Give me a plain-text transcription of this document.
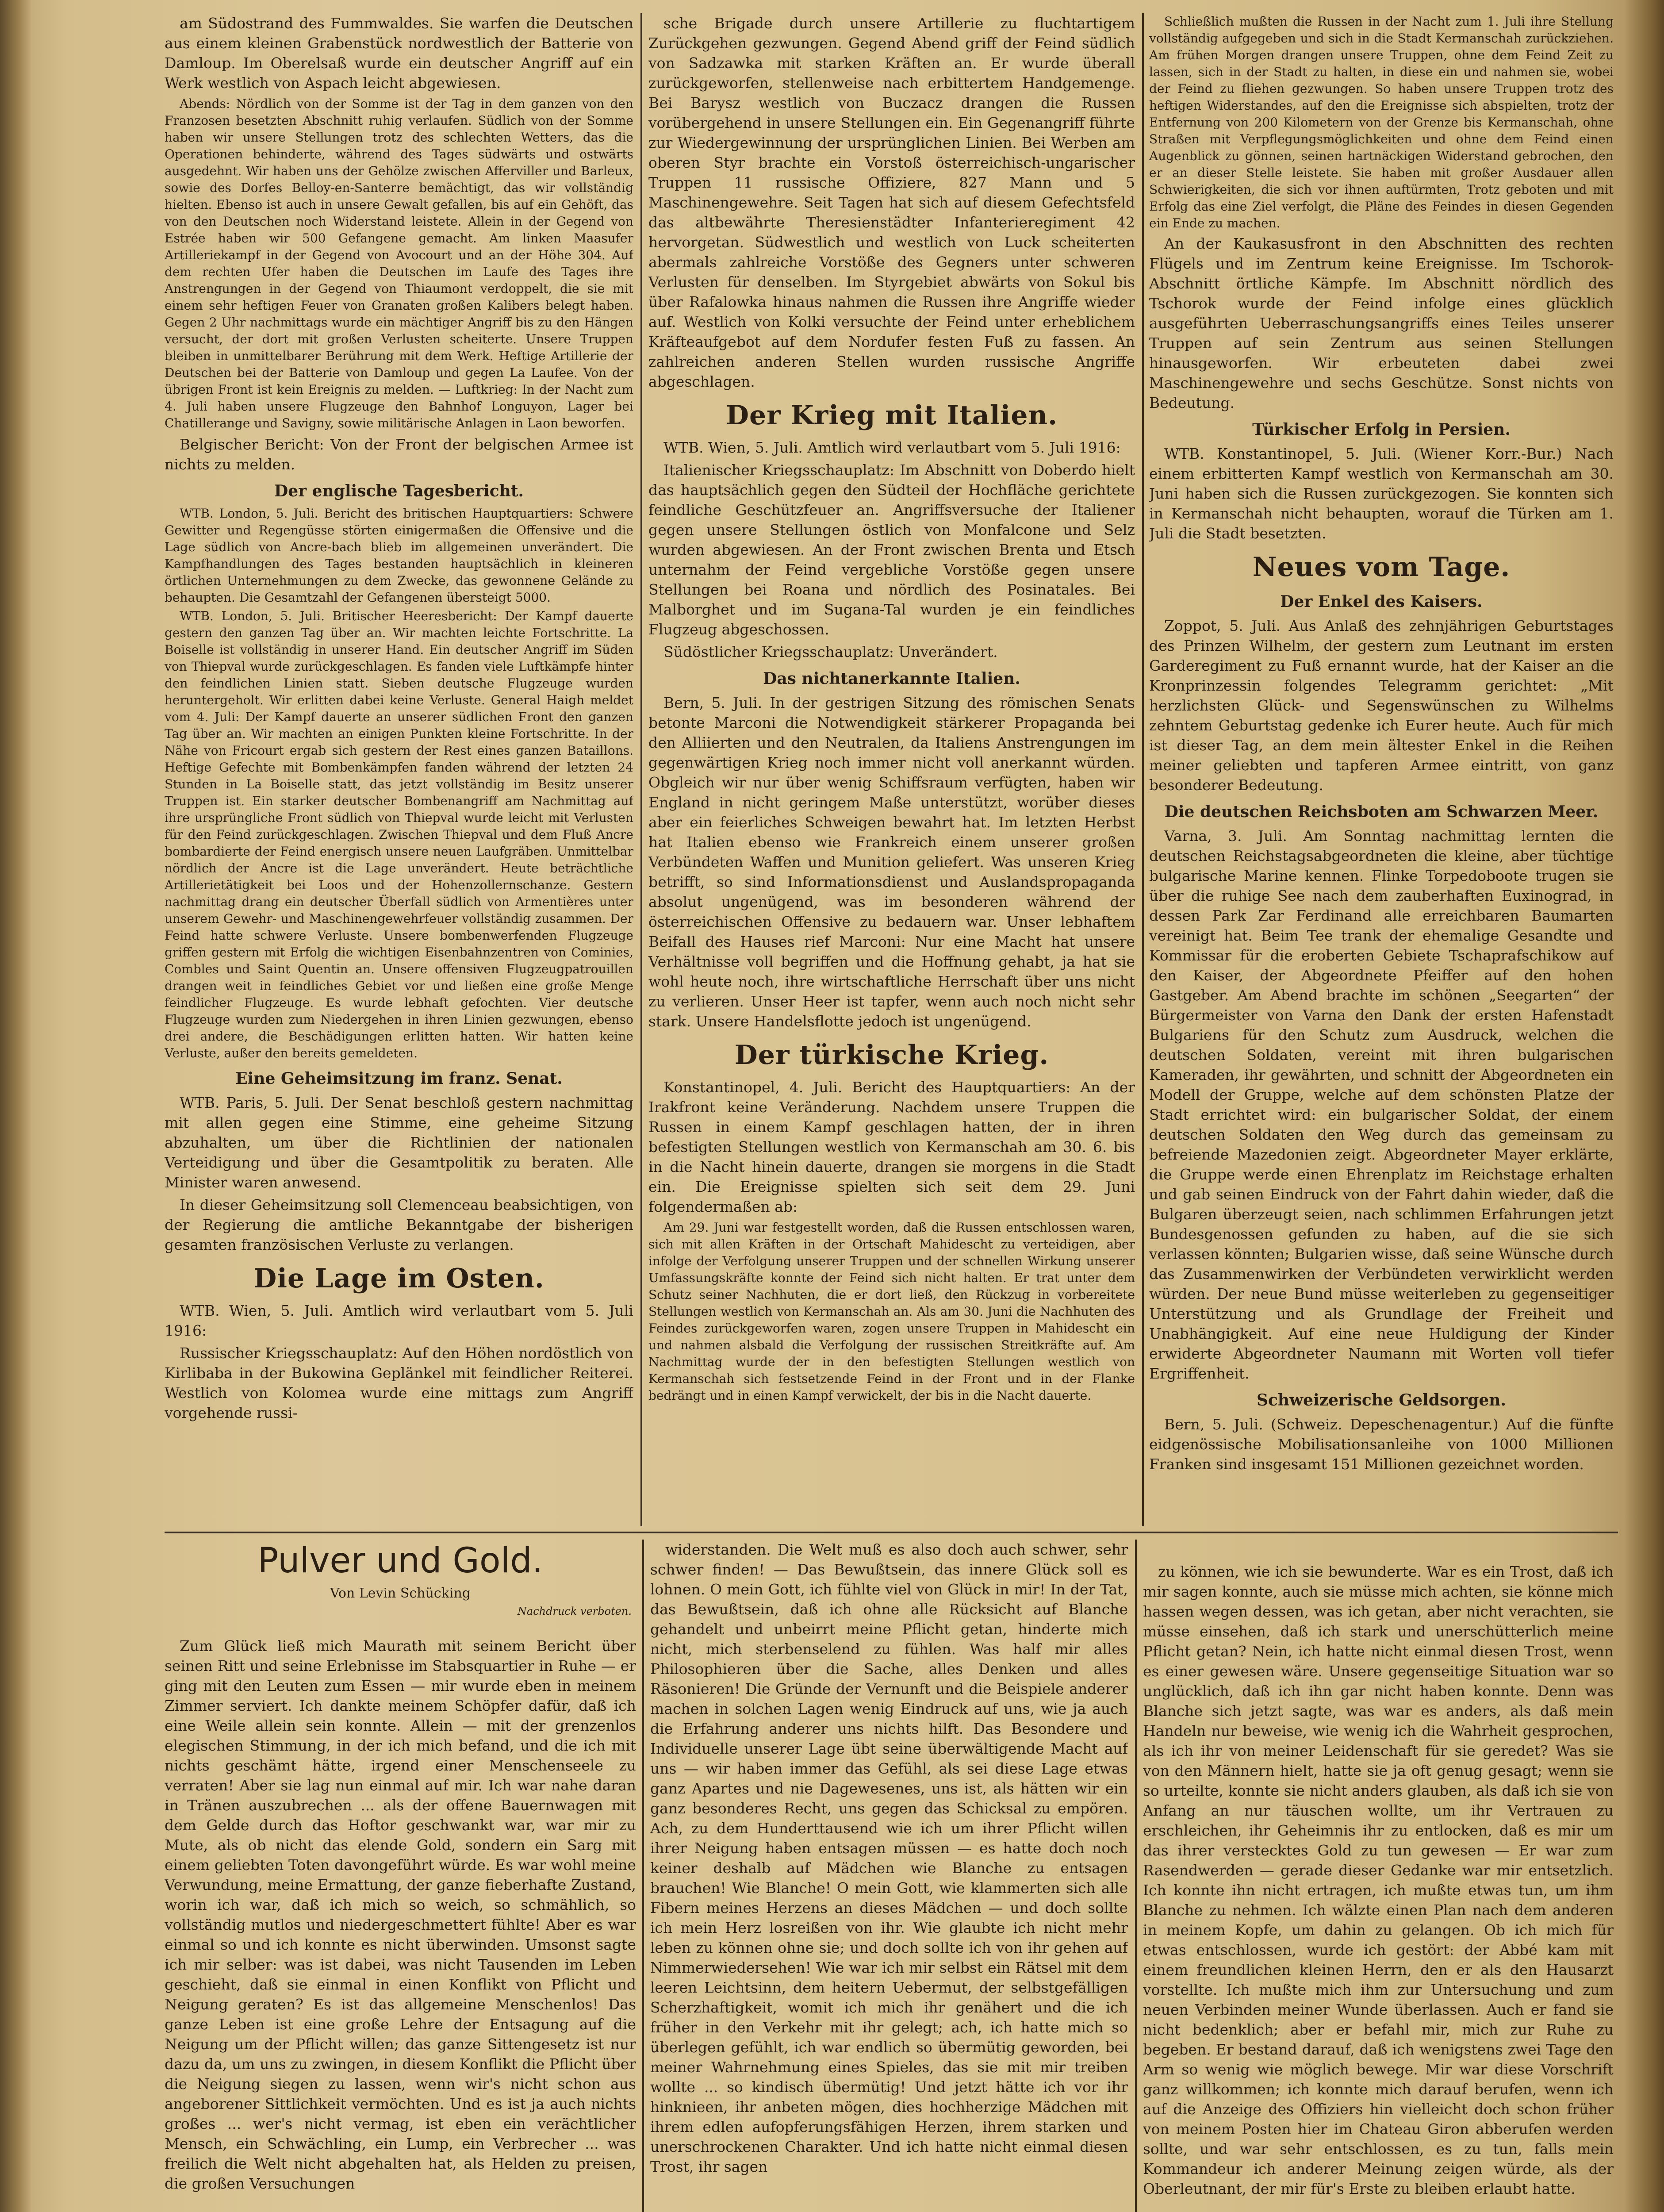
am Südostrand des Fummwaldes. Sie warfen die Deutschen aus einem kleinen Grabenstück nordwestlich der Batterie von Damloup. Im Oberelsaß wurde ein deutscher Angriff auf ein Werk westlich von Aspach leicht abgewiesen.

Abends: Nördlich von der Somme ist der Tag in dem ganzen von den Franzosen besetzten Abschnitt ruhig verlaufen. Südlich von der Somme haben wir unsere Stellungen trotz des schlechten Wetters, das die Operationen behinderte, während des Tages südwärts und ostwärts ausgedehnt. Wir haben uns der Gehölze zwischen Afferviller und Barleux, sowie des Dorfes Belloy-en-Santerre bemächtigt, das wir vollständig hielten. Ebenso ist auch in unsere Gewalt gefallen, bis auf ein Gehöft, das von den Deutschen noch Widerstand leistete. Allein in der Gegend von Estrée haben wir 500 Gefangene gemacht. Am linken Maasufer Artilleriekampf in der Gegend von Avocourt und an der Höhe 304. Auf dem rechten Ufer haben die Deutschen im Laufe des Tages ihre Anstrengungen in der Gegend von Thiaumont verdoppelt, die sie mit einem sehr heftigen Feuer von Granaten großen Kalibers belegt haben. Gegen 2 Uhr nachmittags wurde ein mächtiger Angriff bis zu den Hängen versucht, der dort mit großen Verlusten scheiterte. Unsere Truppen bleiben in unmittelbarer Berührung mit dem Werk. Heftige Artillerie der Deutschen bei der Batterie von Damloup und gegen La Laufee. Von der übrigen Front ist kein Ereignis zu melden. — Luftkrieg: In der Nacht zum 4. Juli haben unsere Flugzeuge den Bahnhof Longuyon, Lager bei Chatillerange und Savigny, sowie militärische Anlagen in Laon beworfen.

Belgischer Bericht: Von der Front der belgischen Armee ist nichts zu melden.

Der englische Tagesbericht.

WTB. London, 5. Juli. Bericht des britischen Hauptquartiers: Schwere Gewitter und Regengüsse störten einigermaßen die Offensive und die Lage südlich von Ancre-bach blieb im allgemeinen unverändert. Die Kampfhandlungen des Tages bestanden hauptsächlich in kleineren örtlichen Unternehmungen zu dem Zwecke, das gewonnene Gelände zu behaupten. Die Gesamtzahl der Gefangenen übersteigt 5000.

WTB. London, 5. Juli. Britischer Heeresbericht: Der Kampf dauerte gestern den ganzen Tag über an. Wir machten leichte Fortschritte. La Boiselle ist vollständig in unserer Hand. Ein deutscher Angriff im Süden von Thiepval wurde zurückgeschlagen. Es fanden viele Luftkämpfe hinter den feindlichen Linien statt. Sieben deutsche Flugzeuge wurden heruntergeholt. Wir erlitten dabei keine Verluste. General Haigh meldet vom 4. Juli: Der Kampf dauerte an unserer südlichen Front den ganzen Tag über an. Wir machten an einigen Punkten kleine Fortschritte. In der Nähe von Fricourt ergab sich gestern der Rest eines ganzen Bataillons. Heftige Gefechte mit Bombenkämpfen fanden während der letzten 24 Stunden in La Boiselle statt, das jetzt vollständig im Besitz unserer Truppen ist. Ein starker deutscher Bombenangriff am Nachmittag auf ihre ursprüngliche Front südlich von Thiepval wurde leicht mit Verlusten für den Feind zurückgeschlagen. Zwischen Thiepval und dem Fluß Ancre bombardierte der Feind energisch unsere neuen Laufgräben. Unmittelbar nördlich der Ancre ist die Lage unverändert. Heute beträchtliche Artillerietätigkeit bei Loos und der Hohenzollernschanze. Gestern nachmittag drang ein deutscher Überfall südlich von Armentières unter unserem Gewehr- und Maschinengewehrfeuer vollständig zusammen. Der Feind hatte schwere Verluste. Unsere bombenwerfenden Flugzeuge griffen gestern mit Erfolg die wichtigen Eisenbahnzentren von Cominies, Combles und Saint Quentin an. Unsere offensiven Flugzeugpatrouillen drangen weit in feindliches Gebiet vor und ließen eine große Menge feindlicher Flugzeuge. Es wurde lebhaft gefochten. Vier deutsche Flugzeuge wurden zum Niedergehen in ihren Linien gezwungen, ebenso drei andere, die Beschädigungen erlitten hatten. Wir hatten keine Verluste, außer den bereits gemeldeten.

Eine Geheimsitzung im franz. Senat.

WTB. Paris, 5. Juli. Der Senat beschloß gestern nachmittag mit allen gegen eine Stimme, eine geheime Sitzung abzuhalten, um über die Richtlinien der nationalen Verteidigung und über die Gesamtpolitik zu beraten. Alle Minister waren anwesend.

In dieser Geheimsitzung soll Clemenceau beabsichtigen, von der Regierung die amtliche Bekanntgabe der bisherigen gesamten französischen Verluste zu verlangen.

Die Lage im Osten.

WTB. Wien, 5. Juli. Amtlich wird verlautbart vom 5. Juli 1916:

Russischer Kriegsschauplatz: Auf den Höhen nordöstlich von Kirlibaba in der Bukowina Geplänkel mit feindlicher Reiterei. Westlich von Kolomea wurde eine mittags zum Angriff vorgehende russi-

sche Brigade durch unsere Artillerie zu fluchtartigem Zurückgehen gezwungen. Gegend Abend griff der Feind südlich von Sadzawka mit starken Kräften an. Er wurde überall zurückgeworfen, stellenweise nach erbittertem Handgemenge. Bei Barysz westlich von Buczacz drangen die Russen vorübergehend in unsere Stellungen ein. Ein Gegenangriff führte zur Wiedergewinnung der ursprünglichen Linien. Bei Werben am oberen Styr brachte ein Vorstoß österreichisch-ungarischer Truppen 11 russische Offiziere, 827 Mann und 5 Maschinengewehre. Seit Tagen hat sich auf diesem Gefechtsfeld das altbewährte Theresienstädter Infanterieregiment 42 hervorgetan. Südwestlich und westlich von Luck scheiterten abermals zahlreiche Vorstöße des Gegners unter schweren Verlusten für denselben. Im Styrgebiet abwärts von Sokul bis über Rafalowka hinaus nahmen die Russen ihre Angriffe wieder auf. Westlich von Kolki versuchte der Feind unter erheblichem Kräfteaufgebot auf dem Nordufer festen Fuß zu fassen. An zahlreichen anderen Stellen wurden russische Angriffe abgeschlagen.

Der Krieg mit Italien.

WTB. Wien, 5. Juli. Amtlich wird verlautbart vom 5. Juli 1916:

Italienischer Kriegsschauplatz: Im Abschnitt von Doberdo hielt das hauptsächlich gegen den Südteil der Hochfläche gerichtete feindliche Geschützfeuer an. Angriffsversuche der Italiener gegen unsere Stellungen östlich von Monfalcone und Selz wurden abgewiesen. An der Front zwischen Brenta und Etsch unternahm der Feind vergebliche Vorstöße gegen unsere Stellungen bei Roana und nördlich des Posinatales. Bei Malborghet und im Sugana-Tal wurden je ein feindliches Flugzeug abgeschossen.

Südöstlicher Kriegsschauplatz: Unverändert.

Das nichtanerkannte Italien.

Bern, 5. Juli. In der gestrigen Sitzung des römischen Senats betonte Marconi die Notwendigkeit stärkerer Propaganda bei den Alliierten und den Neutralen, da Italiens Anstrengungen im gegenwärtigen Krieg noch immer nicht voll anerkannt würden. Obgleich wir nur über wenig Schiffsraum verfügten, haben wir England in nicht geringem Maße unterstützt, worüber dieses aber ein feierliches Schweigen bewahrt hat. Im letzten Herbst hat Italien ebenso wie Frankreich einem unserer großen Verbündeten Waffen und Munition geliefert. Was unseren Krieg betrifft, so sind Informationsdienst und Auslandspropaganda absolut ungenügend, was im besonderen während der österreichischen Offensive zu bedauern war. Unser lebhaftem Beifall des Hauses rief Marconi: Nur eine Macht hat unsere Verhältnisse voll begriffen und die Hoffnung gehabt, ja hat sie wohl heute noch, ihre wirtschaftliche Herrschaft über uns nicht zu verlieren. Unser Heer ist tapfer, wenn auch noch nicht sehr stark. Unsere Handelsflotte jedoch ist ungenügend.

Der türkische Krieg.

Konstantinopel, 4. Juli. Bericht des Hauptquartiers: An der Irakfront keine Veränderung. Nachdem unsere Truppen die Russen in einem Kampf geschlagen hatten, der in ihren befestigten Stellungen westlich von Kermanschah am 30. 6. bis in die Nacht hinein dauerte, drangen sie morgens in die Stadt ein. Die Ereignisse spielten sich seit dem 29. Juni folgendermaßen ab:

Am 29. Juni war festgestellt worden, daß die Russen entschlossen waren, sich mit allen Kräften in der Ortschaft Mahidescht zu verteidigen, aber infolge der Verfolgung unserer Truppen und der schnellen Wirkung unserer Umfassungskräfte konnte der Feind sich nicht halten. Er trat unter dem Schutz seiner Nachhuten, die er dort ließ, den Rückzug in vorbereitete Stellungen westlich von Kermanschah an. Als am 30. Juni die Nachhuten des Feindes zurückgeworfen waren, zogen unsere Truppen in Mahidescht ein und nahmen alsbald die Verfolgung der russischen Streitkräfte auf. Am Nachmittag wurde der in den befestigten Stellungen westlich von Kermanschah sich festsetzende Feind in der Front und in der Flanke bedrängt und in einen Kampf verwickelt, der bis in die Nacht dauerte.

Schließlich mußten die Russen in der Nacht zum 1. Juli ihre Stellung vollständig aufgegeben und sich in die Stadt Kermanschah zurückziehen. Am frühen Morgen drangen unsere Truppen, ohne dem Feind Zeit zu lassen, sich in der Stadt zu halten, in diese ein und nahmen sie, wobei der Feind zu fliehen gezwungen. So haben unsere Truppen trotz des heftigen Widerstandes, auf den die Ereignisse sich abspielten, trotz der Entfernung von 200 Kilometern von der Grenze bis Kermanschah, ohne Straßen mit Verpflegungsmöglichkeiten und ohne dem Feind einen Augenblick zu gönnen, seinen hartnäckigen Widerstand gebrochen, den er an dieser Stelle leistete. Sie haben mit großer Ausdauer allen Schwierigkeiten, die sich vor ihnen auftürmten, Trotz geboten und mit Erfolg das eine Ziel verfolgt, die Pläne des Feindes in diesen Gegenden ein Ende zu machen.

An der Kaukasusfront in den Abschnitten des rechten Flügels und im Zentrum keine Ereignisse. Im Tschorok-Abschnitt örtliche Kämpfe. Im Abschnitt nördlich des Tschorok wurde der Feind infolge eines glücklich ausgeführten Ueberraschungsangriffs eines Teiles unserer Truppen auf sein Zentrum aus seinen Stellungen hinausgeworfen. Wir erbeuteten dabei zwei Maschinengewehre und sechs Geschütze. Sonst nichts von Bedeutung.

Türkischer Erfolg in Persien.

WTB. Konstantinopel, 5. Juli. (Wiener Korr.-Bur.) Nach einem erbitterten Kampf westlich von Kermanschah am 30. Juni haben sich die Russen zurückgezogen. Sie konnten sich in Kermanschah nicht behaupten, worauf die Türken am 1. Juli die Stadt besetzten.

Neues vom Tage.
Der Enkel des Kaisers.

Zoppot, 5. Juli. Aus Anlaß des zehnjährigen Geburtstages des Prinzen Wilhelm, der gestern zum Leutnant im ersten Garderegiment zu Fuß ernannt wurde, hat der Kaiser an die Kronprinzessin folgendes Telegramm gerichtet: „Mit herzlichsten Glück- und Segenswünschen zu Wilhelms zehntem Geburtstag gedenke ich Eurer heute. Auch für mich ist dieser Tag, an dem mein ältester Enkel in die Reihen meiner geliebten und tapferen Armee eintritt, von ganz besonderer Bedeutung.

Die deutschen Reichsboten am Schwarzen Meer.

Varna, 3. Juli. Am Sonntag nachmittag lernten die deutschen Reichstagsabgeordneten die kleine, aber tüchtige bulgarische Marine kennen. Flinke Torpedoboote trugen sie über die ruhige See nach dem zauberhaften Euxinograd, in dessen Park Zar Ferdinand alle erreichbaren Baumarten vereinigt hat. Beim Tee trank der ehemalige Gesandte und Kommissar für die eroberten Gebiete Tschaprafschikow auf den Kaiser, der Abgeordnete Pfeiffer auf den hohen Gastgeber. Am Abend brachte im schönen „Seegarten“ der Bürgermeister von Varna den Dank der ersten Hafenstadt Bulgariens für den Schutz zum Ausdruck, welchen die deutschen Soldaten, vereint mit ihren bulgarischen Kameraden, ihr gewährten, und schnitt der Abgeordneten ein Modell der Gruppe, welche auf dem schönsten Platze der Stadt errichtet wird: ein bulgarischer Soldat, der einem deutschen Soldaten den Weg durch das gemeinsam zu befreiende Mazedonien zeigt. Abgeordneter Mayer erklärte, die Gruppe werde einen Ehrenplatz im Reichstage erhalten und gab seinen Eindruck von der Fahrt dahin wieder, daß die Bulgaren überzeugt seien, nach schlimmen Erfahrungen jetzt Bundesgenossen gefunden zu haben, auf die sie sich verlassen könnten; Bulgarien wisse, daß seine Wünsche durch das Zusammenwirken der Verbündeten verwirklicht werden würden. Der neue Bund müsse weiterleben zu gegenseitiger Unterstützung und als Grundlage der Freiheit und Unabhängigkeit. Auf eine neue Huldigung der Kinder erwiderte Abgeordneter Naumann mit Worten voll tiefer Ergriffenheit.

Schweizerische Geldsorgen.

Bern, 5. Juli. (Schweiz. Depeschenagentur.) Auf die fünfte eidgenössische Mobilisationsanleihe von 1000 Millionen Franken sind insgesamt 151 Millionen gezeichnet worden.

Pulver und Gold.
Von Levin Schücking
Nachdruck verboten.

Zum Glück ließ mich Maurath mit seinem Bericht über seinen Ritt und seine Erlebnisse im Stabsquartier in Ruhe — er ging mit den Leuten zum Essen — mir wurde eben in meinem Zimmer serviert. Ich dankte meinem Schöpfer dafür, daß ich eine Weile allein sein konnte. Allein — mit der grenzenlos elegischen Stimmung, in der ich mich befand, und die ich mit nichts geschämt hätte, irgend einer Menschenseele zu verraten! Aber sie lag nun einmal auf mir. Ich war nahe daran in Tränen auszubrechen ... als der offene Bauernwagen mit dem Gelde durch das Hoftor geschwankt war, war mir zu Mute, als ob nicht das elende Gold, sondern ein Sarg mit einem geliebten Toten davongeführt würde. Es war wohl meine Verwundung, meine Ermattung, der ganze fieberhafte Zustand, worin ich war, daß ich mich so weich, so schmählich, so vollständig mutlos und niedergeschmettert fühlte! Aber es war einmal so und ich konnte es nicht überwinden. Umsonst sagte ich mir selber: was ist dabei, was nicht Tausenden im Leben geschieht, daß sie einmal in einen Konflikt von Pflicht und Neigung geraten? Es ist das allgemeine Menschenlos! Das ganze Leben ist eine große Lehre der Entsagung auf die Neigung um der Pflicht willen; das ganze Sittengesetz ist nur dazu da, um uns zu zwingen, in diesem Konflikt die Pflicht über die Neigung siegen zu lassen, wenn wir's nicht schon aus angeborener Sittlichkeit vermöchten. Und es ist ja auch nichts großes ... wer's nicht vermag, ist eben ein verächtlicher Mensch, ein Schwächling, ein Lump, ein Verbrecher ... was freilich die Welt nicht abgehalten hat, als Helden zu preisen, die großen Versuchungen

widerstanden. Die Welt muß es also doch auch schwer, sehr schwer finden! — Das Bewußtsein, das innere Glück soll es lohnen. O mein Gott, ich fühlte viel von Glück in mir! In der Tat, das Bewußtsein, daß ich ohne alle Rücksicht auf Blanche gehandelt und unbeirrt meine Pflicht getan, hinderte mich nicht, mich sterbenselend zu fühlen. Was half mir alles Philosophieren über die Sache, alles Denken und alles Räsonieren! Die Gründe der Vernunft und die Beispiele anderer machen in solchen Lagen wenig Eindruck auf uns, wie ja auch die Erfahrung anderer uns nichts hilft. Das Besondere und Individuelle unserer Lage übt seine überwältigende Macht auf uns — wir haben immer das Gefühl, als sei diese Lage etwas ganz Apartes und nie Dagewesenes, uns ist, als hätten wir ein ganz besonderes Recht, uns gegen das Schicksal zu empören. Ach, zu dem Hunderttausend wie ich um ihrer Pflicht willen ihrer Neigung haben entsagen müssen — es hatte doch noch keiner deshalb auf Mädchen wie Blanche zu entsagen brauchen! Wie Blanche! O mein Gott, wie klammerten sich alle Fibern meines Herzens an dieses Mädchen — und doch sollte ich mein Herz losreißen von ihr. Wie glaubte ich nicht mehr leben zu können ohne sie; und doch sollte ich von ihr gehen auf Nimmerwiedersehen! Wie war ich mir selbst ein Rätsel mit dem leeren Leichtsinn, dem heitern Uebermut, der selbstgefälligen Scherzhaftigkeit, womit ich mich ihr genähert und die ich früher in den Verkehr mit ihr gelegt; ach, ich hatte mich so überlegen gefühlt, ich war endlich so übermütig geworden, bei meiner Wahrnehmung eines Spieles, das sie mit mir treiben wollte ... so kindisch übermütig! Und jetzt hätte ich vor ihr hinknieen, ihr anbeten mögen, dies hochherzige Mädchen mit ihrem edlen aufopferungsfähigen Herzen, ihrem starken und unerschrockenen Charakter. Und ich hatte nicht einmal diesen Trost, ihr sagen

zu können, wie ich sie bewunderte. War es ein Trost, daß ich mir sagen konnte, auch sie müsse mich achten, sie könne mich hassen wegen dessen, was ich getan, aber nicht verachten, sie müsse einsehen, daß ich stark und unerschütterlich meine Pflicht getan? Nein, ich hatte nicht einmal diesen Trost, wenn es einer gewesen wäre. Unsere gegenseitige Situation war so unglücklich, daß ich ihn gar nicht haben konnte. Denn was Blanche sich jetzt sagte, was war es anders, als daß mein Handeln nur beweise, wie wenig ich die Wahrheit gesprochen, als ich ihr von meiner Leidenschaft für sie geredet? Was sie von den Männern hielt, hatte sie ja oft genug gesagt; wenn sie so urteilte, konnte sie nicht anders glauben, als daß ich sie von Anfang an nur täuschen wollte, um ihr Vertrauen zu erschleichen, ihr Geheimnis ihr zu entlocken, daß es mir um das ihrer verstecktes Gold zu tun gewesen — Er war zum Rasendwerden — gerade dieser Gedanke war mir entsetzlich. Ich konnte ihn nicht ertragen, ich mußte etwas tun, um ihm Blanche zu nehmen. Ich wälzte einen Plan nach dem anderen in meinem Kopfe, um dahin zu gelangen. Ob ich mich für etwas entschlossen, wurde ich gestört: der Abbé kam mit einem freundlichen kleinen Herrn, den er als den Hausarzt vorstellte. Ich mußte mich ihm zur Untersuchung und zum neuen Verbinden meiner Wunde überlassen. Auch er fand sie nicht bedenklich; aber er befahl mir, mich zur Ruhe zu begeben. Er bestand darauf, daß ich wenigstens zwei Tage den Arm so wenig wie möglich bewege. Mir war diese Vorschrift ganz willkommen; ich konnte mich darauf berufen, wenn ich auf die Anzeige des Offiziers hin vielleicht doch schon früher von meinem Posten hier im Chateau Giron abberufen werden sollte, und war sehr entschlossen, es zu tun, falls mein Kommandeur ich anderer Meinung zeigen würde, als der Oberleutnant, der mir für's Erste zu bleiben erlaubt hatte.
